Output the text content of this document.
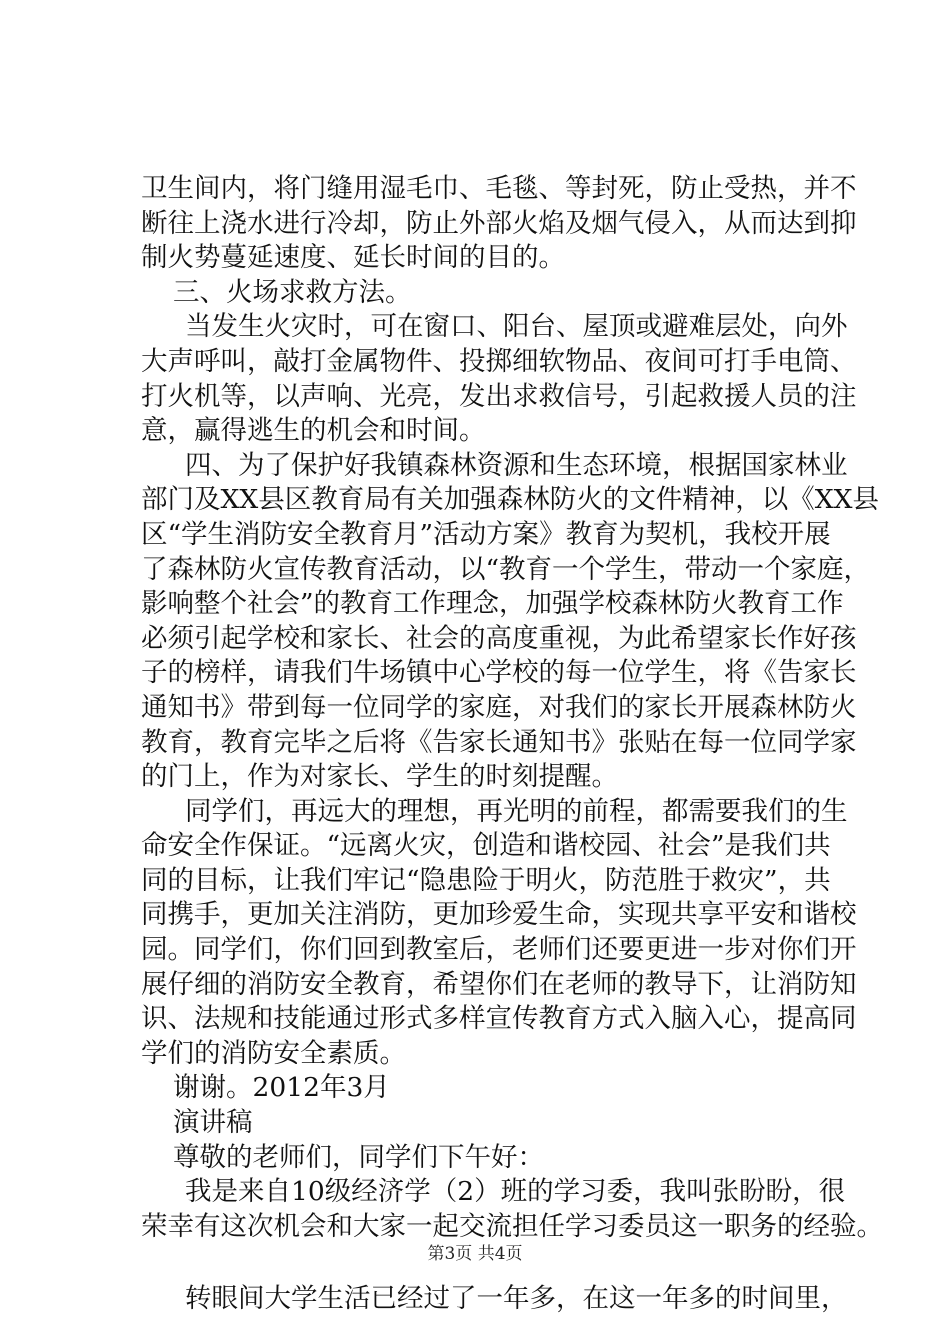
卫生间内，将门缝用湿毛巾、毛毯、等封死，防止受热，并不
断往上浇水进行冷却，防止外部火焰及烟气侵入，从而达到抑
制火势蔓延速度、延长时间的目的。
三、火场求救方法。
当发生火灾时，可在窗口、阳台、屋顶或避难层处，向外
大声呼叫，敲打金属物件、投掷细软物品、夜间可打手电筒、
打火机等，以声响、光亮，发出求救信号，引起救援人员的注
意，赢得逃生的机会和时间。
四、为了保护好我镇森林资源和生态环境，根据国家林业
部门及XX县区教育局有关加强森林防火的文件精神，以《XX县
区“学生消防安全教育月”活动方案》教育为契机，我校开展
了森林防火宣传教育活动，以“教育一个学生，带动一个家庭，
影响整个社会”的教育工作理念，加强学校森林防火教育工作
必须引起学校和家长、社会的高度重视，为此希望家长作好孩
子的榜样，请我们牛场镇中心学校的每一位学生，将《告家长
通知书》带到每一位同学的家庭，对我们的家长开展森林防火
教育，教育完毕之后将《告家长通知书》张贴在每一位同学家
的门上，作为对家长、学生的时刻提醒。
同学们，再远大的理想，再光明的前程，都需要我们的生
命安全作保证。“远离火灾，创造和谐校园、社会”是我们共
同的目标，让我们牢记“隐患险于明火，防范胜于救灾”，共
同携手，更加关注消防，更加珍爱生命，实现共享平安和谐校
园。同学们，你们回到教室后，老师们还要更进一步对你们开
展仔细的消防安全教育，希望你们在老师的教导下，让消防知
识、法规和技能通过形式多样宣传教育方式入脑入心，提高同
学们的消防安全素质。
谢谢。2012年3月
演讲稿
尊敬的老师们，同学们下午好：
我是来自10级经济学（2）班的学习委，我叫张盼盼，很
荣幸有这次机会和大家一起交流担任学习委员这一职务的经验。
转眼间大学生活已经过了一年多，在这一年多的时间里，
第3页 共4页
